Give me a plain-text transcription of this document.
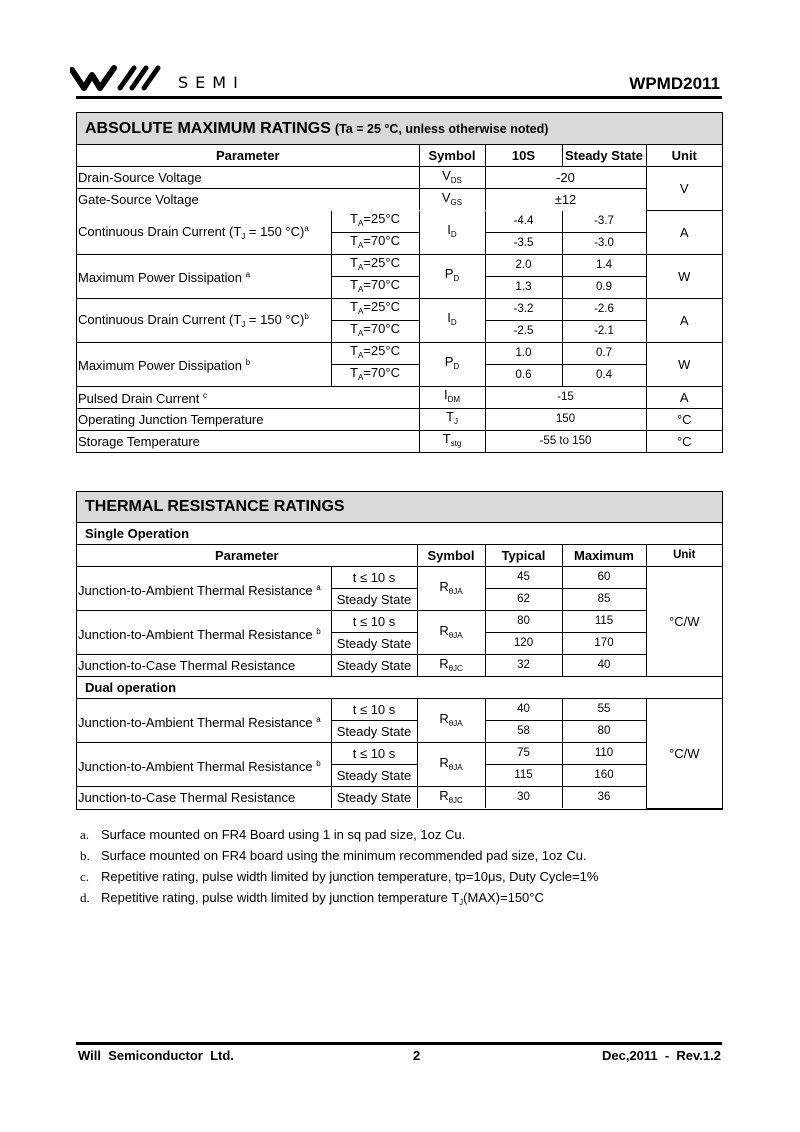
SEMI	WPMD2011
ABSOLUTE MAXIMUM RATINGS (Ta = 25 °C, unless otherwise noted)
Parameter	Symbol	10S	Steady State	Unit
Drain-Source Voltage	$V_{DS}$	-20		V
Gate-Source Voltage	$V_{GS}$	±12		
Continuous Drain Current ($T_J = 150$ °C)$^a$	$T_A=25^\circ C$	$I_D$	-4.4	-3.7	A
	$T_A=70^\circ C$		-3.5	-3.0	
Maximum Power Dissipation $^a$	$T_A=25^\circ C$	$P_D$	2.0	1.4	W
	$T_A=70^\circ C$		1.3	0.9	
Continuous Drain Current ($T_J = 150$ °C)$^b$	$T_A=25^\circ C$	$I_D$	-3.2	-2.6	A
	$T_A=70^\circ C$		-2.5	-2.1	
Maximum Power Dissipation $^b$	$T_A=25^\circ C$	$P_D$	1.0	0.7	W
	$T_A=70^\circ C$		0.6	0.4	
Pulsed Drain Current $^c$		$I_{DM}$	-15		A
Operating Junction Temperature		$T_J$	150		°C
Storage Temperature		$T_{stg}$	-55 to 150		°C
THERMAL RESISTANCE RATINGS
Single Operation					
Parameter		Symbol	Typical	Maximum	Unit
Junction-to-Ambient Thermal Resistance $^a$	t ≤ 10 s	$R_{\theta JA}$	45	60	°C/W
	Steady State		62	85	
Junction-to-Ambient Thermal Resistance $^b$	t ≤ 10 s	$R_{\theta JA}$	80	115	
	Steady State		120	170	
Junction-to-Case Thermal Resistance	Steady State	$R_{\theta JC}$	32	40	
Dual operation					
Junction-to-Ambient Thermal Resistance $^a$	t ≤ 10 s	$R_{\theta JA}$	40	55	°C/W
	Steady State		58	80	
Junction-to-Ambient Thermal Resistance $^b$	t ≤ 10 s	$R_{\theta JA}$	75	110	
	Steady State		115	160	
Junction-to-Case Thermal Resistance	Steady State	$R_{\theta JC}$	30	36	
a. Surface mounted on FR4 Board using 1 in sq pad size, 1oz Cu.
b. Surface mounted on FR4 board using the minimum recommended pad size, 1oz Cu.
c. Repetitive rating, pulse width limited by junction temperature, tp=10μs, Duty Cycle=1%
d. Repetitive rating, pulse width limited by junction temperature $T_J(MAX)=150^\circ C$
Will  Semiconductor  Ltd.	2	Dec,2011  -  Rev.1.2
